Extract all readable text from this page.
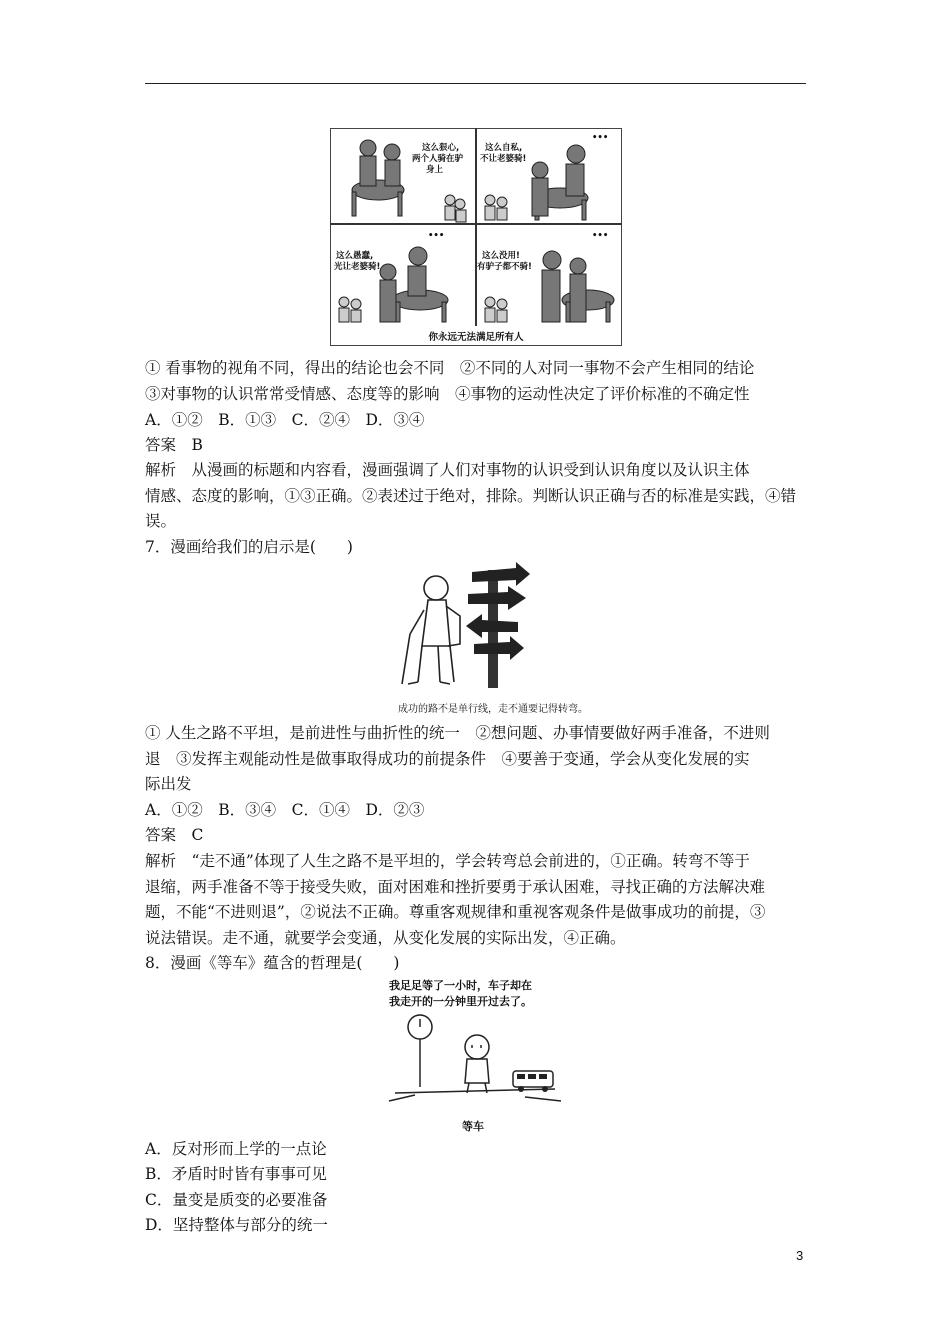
这么狠心,
两个人骑在驴
身上
这么自私,
不让老婆骑!
这么愚蠢,
光让老婆骑!
这么没用!
有驴子都不骑!
•••
•••
•••
你永远无法满足所有人
① 看事物的视角不同，得出的结论也会不同　②不同的人对同一事物不会产生相同的结论
③对事物的认识常常受情感、态度等的影响　④事物的运动性决定了评价标准的不确定性
A．①②　B．①③　C．②④　D．③④
答案　B
解析　从漫画的标题和内容看，漫画强调了人们对事物的认识受到认识角度以及认识主体
情感、态度的影响，①③正确。②表述过于绝对，排除。判断认识正确与否的标准是实践，④错
误。
7．漫画给我们的启示是(　　)
成功的路不是单行线，走不通要记得转弯。
① 人生之路不平坦，是前进性与曲折性的统一　②想问题、办事情要做好两手准备，不进则
退　③发挥主观能动性是做事取得成功的前提条件　④要善于变通，学会从变化发展的实
际出发
A．①②　B．③④　C．①④　D．②③
答案　C
解析　“走不通”体现了人生之路不是平坦的，学会转弯总会前进的，①正确。转弯不等于
退缩，两手准备不等于接受失败，面对困难和挫折要勇于承认困难，寻找正确的方法解决难
题，不能“不进则退”，②说法不正确。尊重客观规律和重视客观条件是做事成功的前提，③
说法错误。走不通，就要学会变通，从变化发展的实际出发，④正确。
8．漫画《等车》蕴含的哲理是(　　)
我足足等了一小时，车子却在
我走开的一分钟里开过去了。
等车
A．反对形而上学的一点论
B．矛盾时时皆有事事可见
C．量变是质变的必要准备
D．坚持整体与部分的统一
3
